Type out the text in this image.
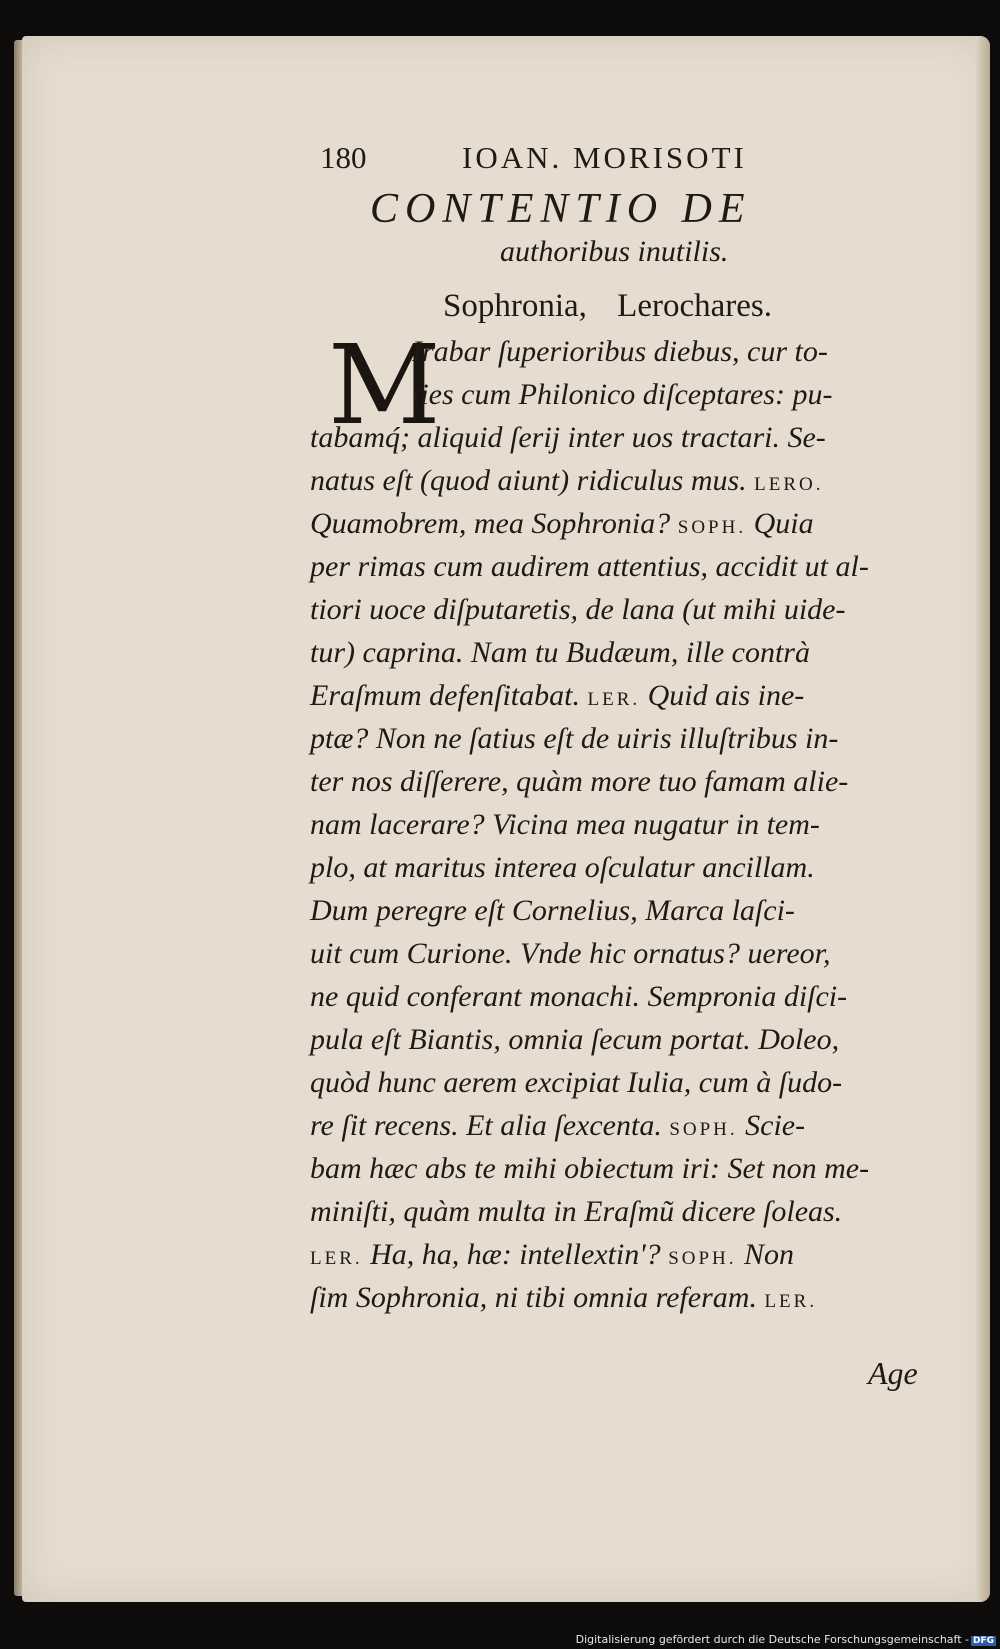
180	IOAN. MORISOTI
CONTENTIO DE
authoribus inutilis.
Sophronia, Lerochares.
M
Irabar ſuperioribus diebus, cur to-
ties cum Philonico diſceptares: pu-
tabamq́; aliquid ſerij inter uos tractari. Se-
natus eſt (quod aiunt) ridiculus mus. LERO.
Quamobrem, mea Sophronia? SOPH. Quia
per rimas cum audirem attentius, accidit ut al-
tiori uoce diſputaretis, de lana (ut mihi uide-
tur) caprina. Nam tu Budæum, ille contrà
Eraſmum defenſitabat. LER. Quid ais ine-
ptæ? Non ne ſatius eſt de uiris illuſtribus in-
ter nos diſſerere, quàm more tuo famam alie-
nam lacerare? Vicina mea nugatur in tem-
plo, at maritus interea oſculatur ancillam.
Dum peregre eſt Cornelius, Marca laſci-
uit cum Curione. Vnde hic ornatus? uereor,
ne quid conferant monachi. Sempronia diſci-
pula eſt Biantis, omnia ſecum portat. Doleo,
quòd hunc aerem excipiat Iulia, cum à ſudo-
re ſit recens. Et alia ſexcenta. SOPH. Scie-
bam hæc abs te mihi obiectum iri: Set non me-
miniſti, quàm multa in Eraſmũ dicere ſoleas.
LER. Ha, ha, hæ: intellextin'? SOPH. Non
ſim Sophronia, ni tibi omnia referam. LER.
Age
Digitalisierung gefördert durch die Deutsche Forschungsgemeinschaft - DFG
